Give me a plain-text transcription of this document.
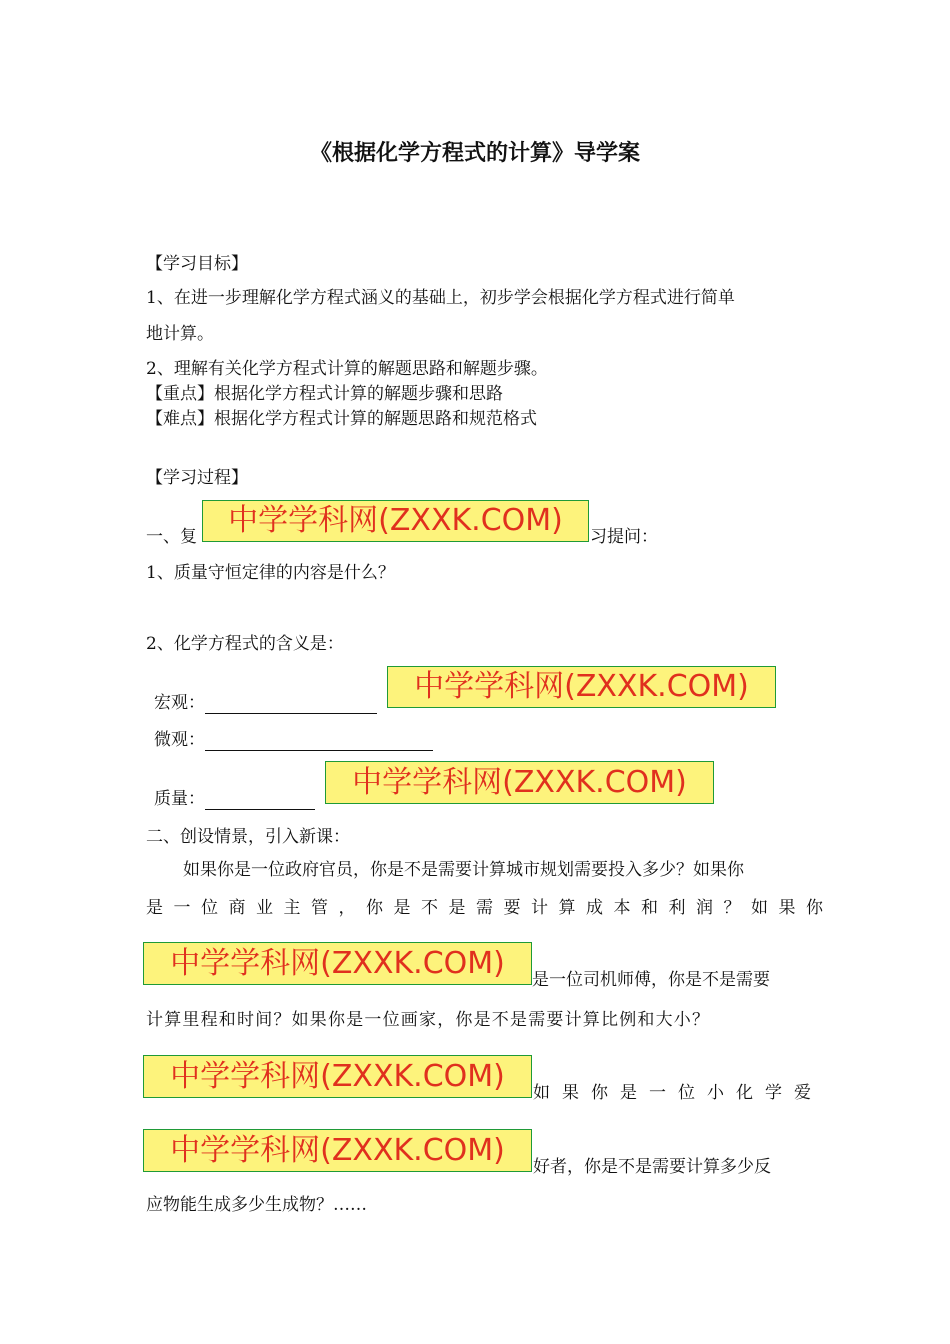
《根据化学方程式的计算》导学案
【学习目标】
1、在进一步理解化学方程式涵义的基础上，初步学会根据化学方程式进行简单
地计算。
2、理解有关化学方程式计算的解题思路和解题步骤。
【重点】根据化学方程式计算的解题步骤和思路
【难点】根据化学方程式计算的解题思路和规范格式
【学习过程】
一、复	中学学科网(ZXXK.COM)	习提问：
1、质量守恒定律的内容是什么？
2、化学方程式的含义是：
宏观：	中学学科网(ZXXK.COM)
微观：
质量：	中学学科网(ZXXK.COM)
二、创设情景，引入新课：
如果你是一位政府官员，你是不是需要计算城市规划需要投入多少？如果你
是一位商业主管，你是不是需要计算成本和利润？如果你
中学学科网(ZXXK.COM)	是一位司机师傅，你是不是需要
计算里程和时间？如果你是一位画家，你是不是需要计算比例和大小？
中学学科网(ZXXK.COM)	如果你是一位小化学爱
中学学科网(ZXXK.COM)	好者，你是不是需要计算多少反
应物能生成多少生成物？……
